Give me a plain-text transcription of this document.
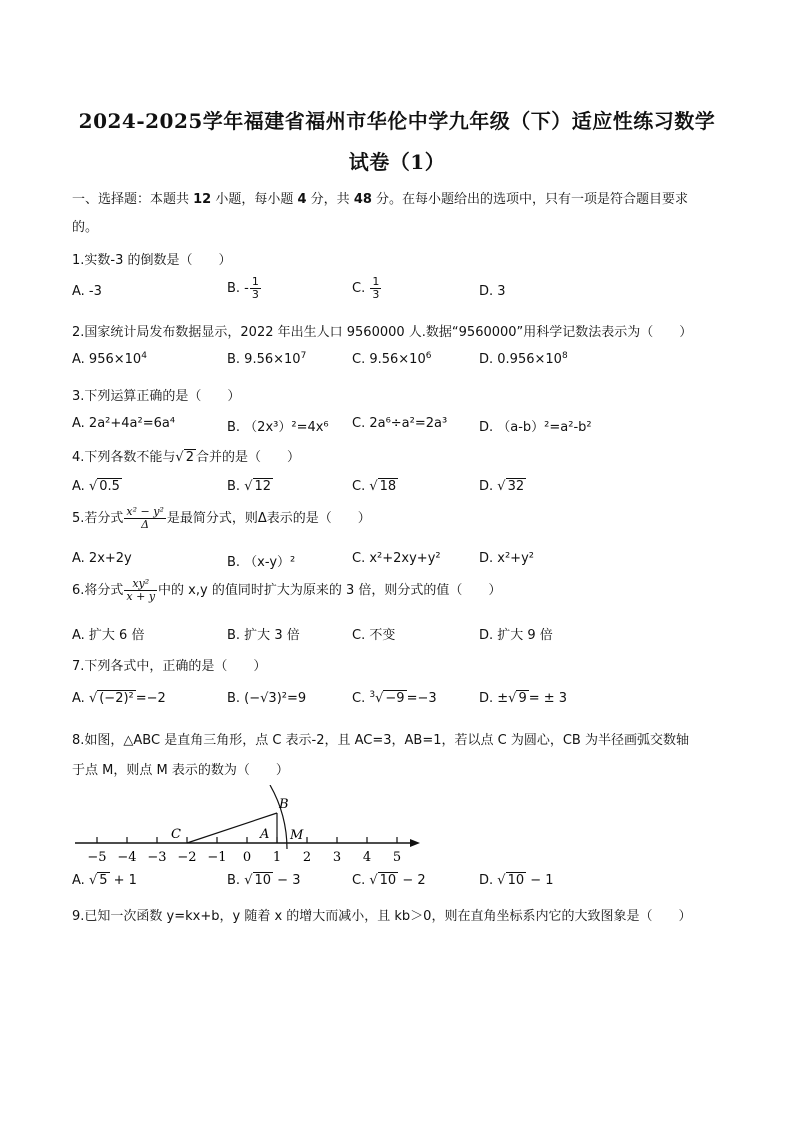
2024-2025学年福建省福州市华伦中学九年级（下）适应性练习数学
试卷（1）
一、选择题：本题共 12 小题，每小题 4 分，共 48 分。在每小题给出的选项中，只有一项是符合题目要求
的。
1.实数-3 的倒数是（　　）
A. -3	B. - $\frac{1}{3}$	C. $\frac{1}{3}$	D. 3
2.国家统计局发布数据显示，2022 年出生人口 9560000 人.数据“9560000”用科学记数法表示为（　　）
A. $956\times 10^4$	B. $9.56\times 10^7$	C. $9.56\times 10^6$	D. $0.956\times 10^8$
3.下列运算正确的是（　　）
A. 2a²+4a²=6a⁴	B. （2x³）²=4x⁶ C. 2a⁶÷a²=2a³ D. （a-b）²=a²-b²
4.下列各数不能与√ 2 合并的是（　　）
A. √ 0.5	B. √ 12	C. √ 18	D. √ 32
5.若分式 $\frac{\text{x² − y²}}{\Delta}$ 是最简分式，则Δ表示的是（　　）
A. 2x+2y	B. （x-y）²	C. x²+2xy+y²	D. x²+y²
6.将分式 $\frac{\text{xy²}}{x + y}$ 中的 x,y 的值同时扩大为原来的 3 倍，则分式的值（　　）
A. 扩大 6 倍	B. 扩大 3 倍	C. 不变	D. 扩大 9 倍
7.下列各式中，正确的是（　　）
A. √ (−2)² =−2	B. (−√3)²=9	C. $^3$√ −9 =−3	D. ±√ 9 = ± 3
8.如图，△ABC 是直角三角形，点 C 表示-2，且 AC=3，AB=1，若以点 C 为圆心，CB 为半径画弧交数轴
于点 M，则点 M 表示的数为（　　）
−5 −4 −3 −2 −1 0 1 2 3 4 5
C	A
B
M
A. √ 5 + 1	B. √ 10 − 3	C. √ 10 − 2	D. √ 10 − 1
9.已知一次函数 y=kx+b，y 随着 x 的增大而减小，且 kb＞0，则在直角坐标系内它的大致图象是（　　）
